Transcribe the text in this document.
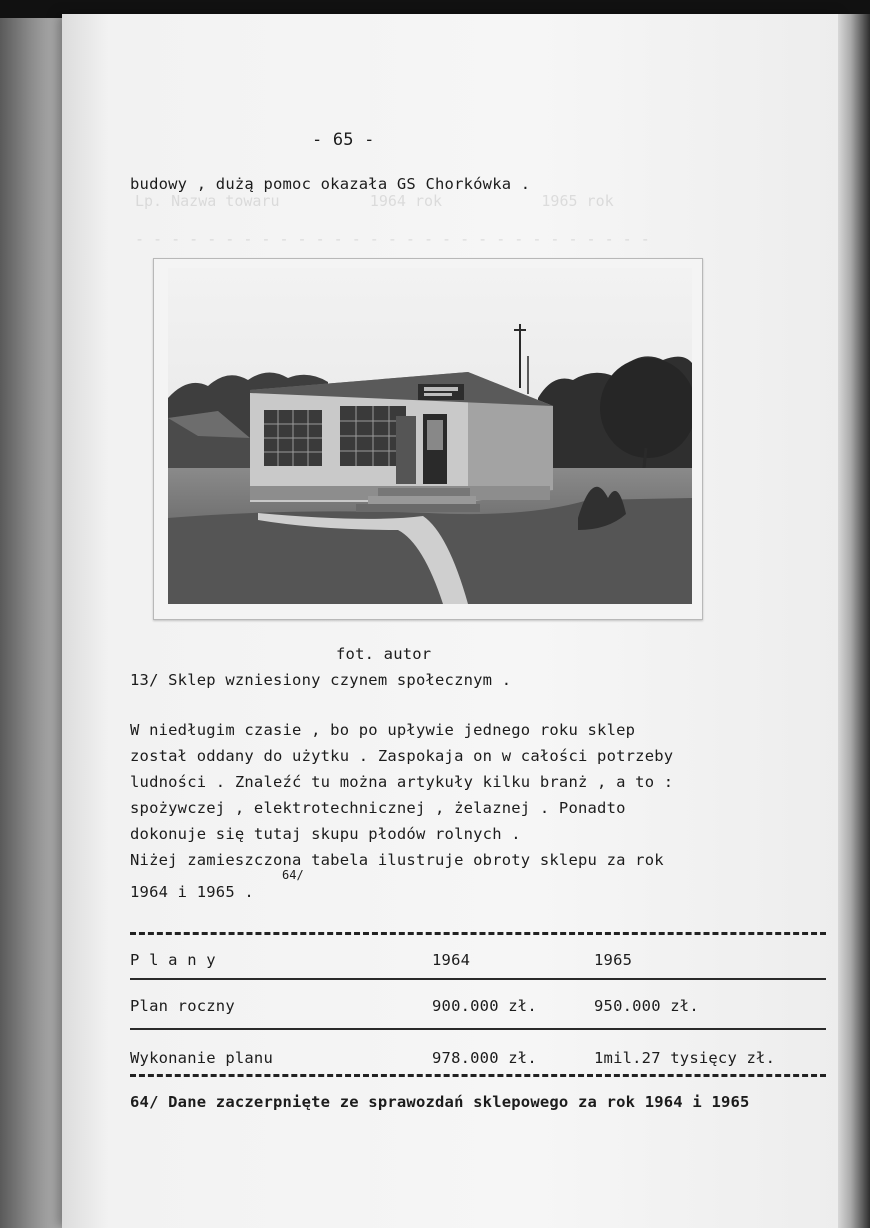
Lp. Nazwa towaru          1964 rok           1965 rok
- - - - - - - - - - - - - - - - - - - - - - - - - - - - -
- 65 -
budowy , dużą pomoc okazała GS Chorkówka .
fot. autor
13/ Sklep wzniesiony czynem społecznym .
W niedługim czasie , bo po upływie jednego roku sklep
został oddany do użytku . Zaspokaja on w całości potrzeby
ludności . Znaleźć tu można artykuły kilku branż , a to :
spożywczej , elektrotechnicznej , żelaznej . Ponadto
dokonuje się tutaj skupu płodów rolnych .
Niżej zamieszczona tabela ilustruje obroty sklepu za rok
1964 i 1965 .
64/
P l a n y	1964	1965
Plan roczny	900.000 zł.	950.000 zł.
Wykonanie planu	978.000 zł.	1mil.27 tysięcy zł.
64/ Dane zaczerpnięte ze sprawozdań sklepowego za rok 1964 i 1965
